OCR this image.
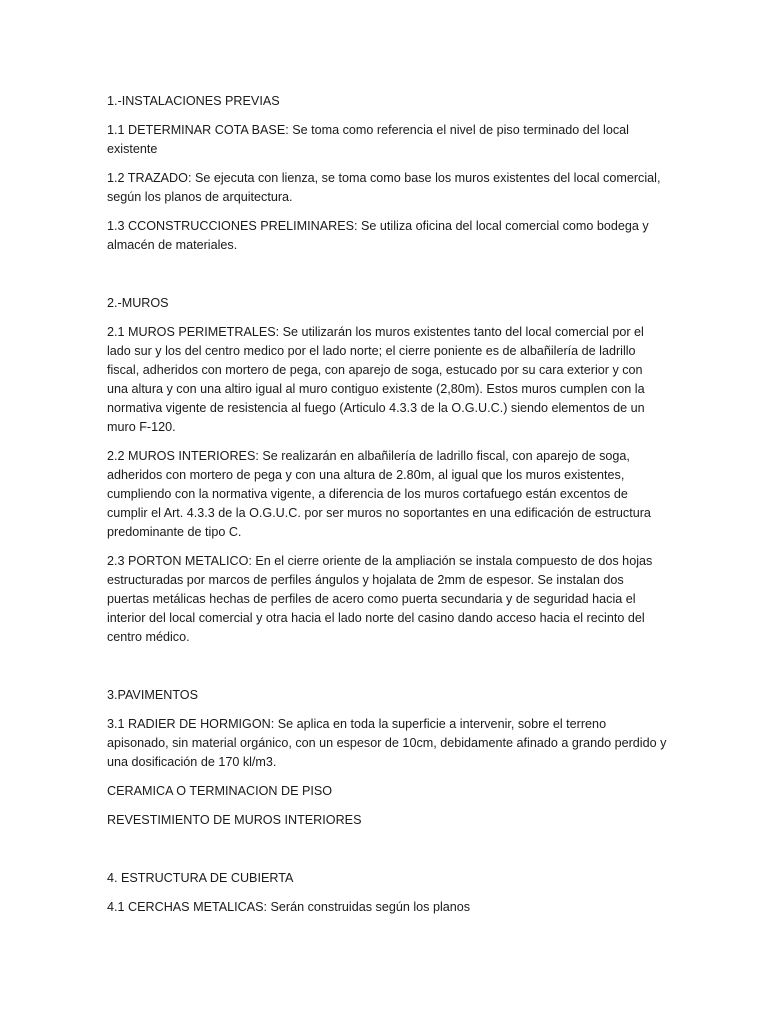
1.-INSTALACIONES PREVIAS

1.1 DETERMINAR COTA BASE: Se toma como referencia el nivel de piso terminado del local existente

1.2 TRAZADO: Se ejecuta con lienza, se toma como base los muros existentes del local comercial, según los planos de arquitectura.

1.3 CCONSTRUCCIONES PRELIMINARES: Se utiliza oficina del local comercial como bodega y almacén de materiales.

2.-MUROS

2.1 MUROS PERIMETRALES: Se utilizarán los muros existentes tanto del local comercial por el lado sur y los del centro medico por el lado norte; el cierre poniente es de albañilería de ladrillo fiscal, adheridos con mortero de pega, con aparejo de soga, estucado por su cara exterior y con una altura y con una altiro igual al muro contiguo existente (2,80m). Estos muros cumplen con la normativa vigente de resistencia al fuego (Articulo 4.3.3 de la O.G.U.C.) siendo elementos de un muro F-120.

2.2 MUROS INTERIORES: Se realizarán en albañilería de ladrillo fiscal, con aparejo de soga, adheridos con mortero de pega y con una altura de 2.80m, al igual que los muros existentes, cumpliendo con la normativa vigente, a diferencia de los muros cortafuego están excentos de cumplir el Art. 4.3.3 de la O.G.U.C. por ser muros no soportantes en una edificación de estructura predominante de tipo C.

2.3 PORTON METALICO: En el cierre oriente de la ampliación se instala compuesto de dos hojas estructuradas por marcos de perfiles ángulos y hojalata de 2mm de espesor. Se instalan dos puertas metálicas hechas de perfiles de acero como puerta secundaria y de seguridad hacia el interior del local comercial y otra hacia el lado norte del casino dando acceso hacia el recinto del centro médico.

3.PAVIMENTOS

3.1 RADIER DE HORMIGON: Se aplica en toda la superficie a intervenir, sobre el terreno apisonado, sin material orgánico, con un espesor de 10cm, debidamente afinado a grando perdido y una dosificación de 170 kl/m3.

CERAMICA O TERMINACION DE PISO

REVESTIMIENTO DE MUROS INTERIORES

4. ESTRUCTURA DE CUBIERTA

4.1 CERCHAS METALICAS: Serán construidas según los planos
